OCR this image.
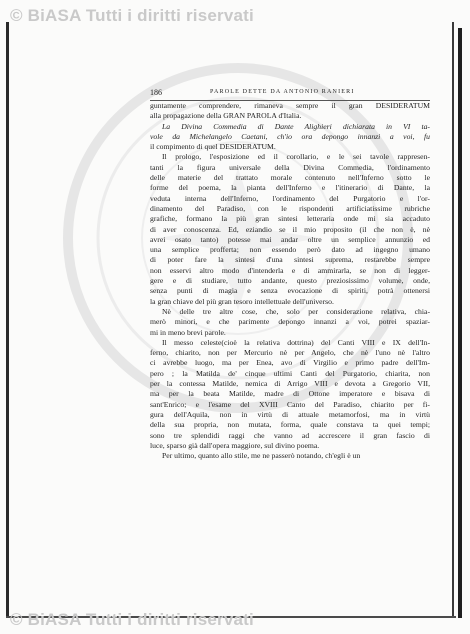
© BiASA Tutti i diritti riservati
© BiASA Tutti i diritti riservati
186	PAROLE DETTE DA ANTONIO RANIERI
guntamente comprendere, rimanevа sempre il gran DESIDERATUM
alla propagazione della GRAN PAROLA d'Italia.
La Divina Commedia di Dante Alighieri dichiarata in VI ta-
vole da Michelangelo Caetani, ch'io ora depongo innanzi a voi, fu
il compimento di quel DESIDERATUM.
Il prologo, l'esposizione ed il corollario, e le sei tavole rappresen-
tanti la figura universale della Divina Commedia, l'ordinamento
delle materie del trattato morale contenuto nell'Inferno sotto le
forme del poema, la pianta dell'Inferno e l'itinerario di Dante, la
veduta interna dell'Inferno, l'ordinamento del Purgatorio e l'or-
dinamento del Paradiso, con le rispondenti artificiatissime rubriche
grafiche, formano la più gran sintesi letteraria onde mi sia accaduto
di aver conoscenza. Ed, eziandio se il mio proposito (il che non è, nè
avrei osato tanto) potesse mai andar oltre un semplice annunzio ed
una semplice profferta; non essendo però dato ad ingegno umano
di poter fare la sintesi d'una sintesi suprema, restarebbe sempre
non esservi altro modo d'intenderla e di ammirarla, se non di legger-
gere e di studiare, tutto andante, questo preziosissimo volume, onde,
senza punti di magia e senza evocazione di spiriti, potrà ottenersi
la gran chiave del più gran tesoro intellettuale dell'universo.
Nè delle tre altre cose, che, solo per considerazione relativa, chia-
merò minori, e che parimente depongo innanzi a voi, potrei spaziar-
mi in meno brevi parole.
Il messo celeste(cioè la relativa dottrina) del Canti VIII e IX dell'In-
ferno, chiarito, non per Mercurio nè per Angelo, che nè l'uno nè l'altro
ci avrebbe luogo, ma per Enea, avo di Virgilio e primo padre dell'Im-
pero ; la Matilda de' cinque ultimi Canti del Purgatorio, chiarita, non
per la contessa Matilde, nemica di Arrigo VIII e devota a Gregorio VII,
ma per la beata Matilde, madre di Ottone imperatore e bisava di
sant'Enrico; e l'esame del XVIII Canto del Paradiso, chiarito per fi-
gura dell'Aquila, non in virtù di attuale metamorfosi, ma in virtù
della sua propria, non mutata, forma, quale constava ta quei tempi;
sono tre splendidi raggi che vanno ad accrescere il gran fascio di
luce, sparso già dall'opera maggiore, sul divino poema.
Per ultimo, quanto allo stile, me ne passerò notando, ch'egli è un
